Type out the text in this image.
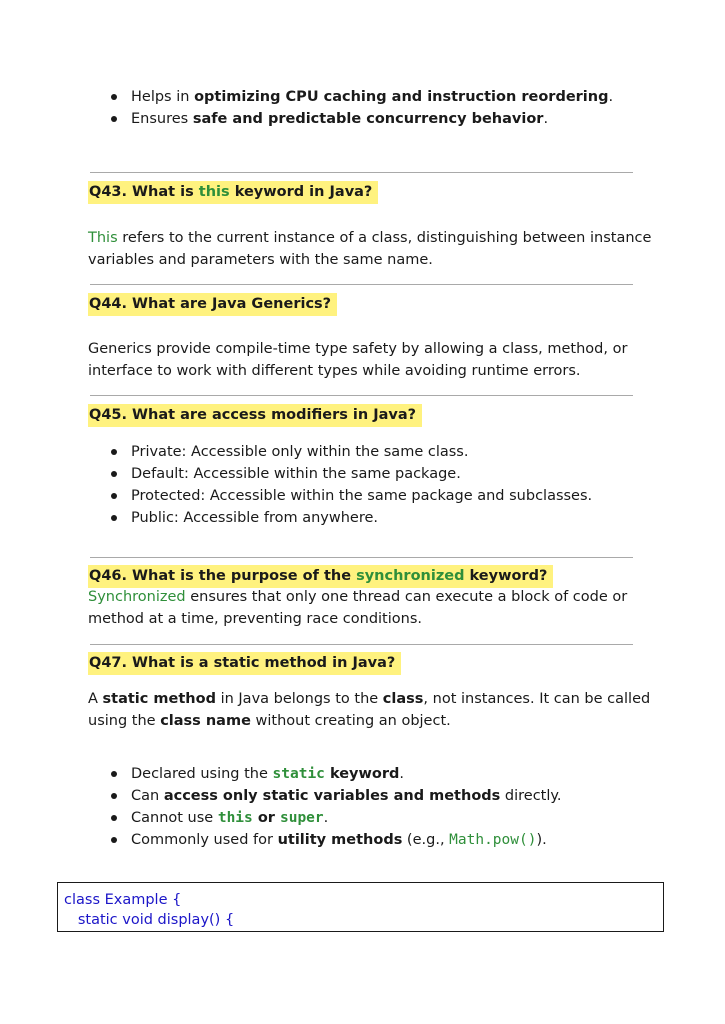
Helps in optimizing CPU caching and instruction reordering.
Ensures safe and predictable concurrency behavior.
Q43. What is this keyword in Java?

This refers to the current instance of a class, distinguishing between instance

variables and parameters with the same name.

Q44. What are Java Generics?

Generics provide compile-time type safety by allowing a class, method, or

interface to work with different types while avoiding runtime errors.

Q45. What are access modifiers in Java?
Private: Accessible only within the same class.
Default: Accessible within the same package.
Protected: Accessible within the same package and subclasses.
Public: Accessible from anywhere.
Q46. What is the purpose of the synchronized keyword?

Synchronized ensures that only one thread can execute a block of code or

method at a time, preventing race conditions.

Q47. What is a static method in Java?

A static method in Java belongs to the class, not instances. It can be called

using the class name without creating an object.

Declared using the static keyword.
Can access only static variables and methods directly.
Cannot use this or super.
Commonly used for utility methods (e.g., Math.pow()).
class Example {
static void display() {
